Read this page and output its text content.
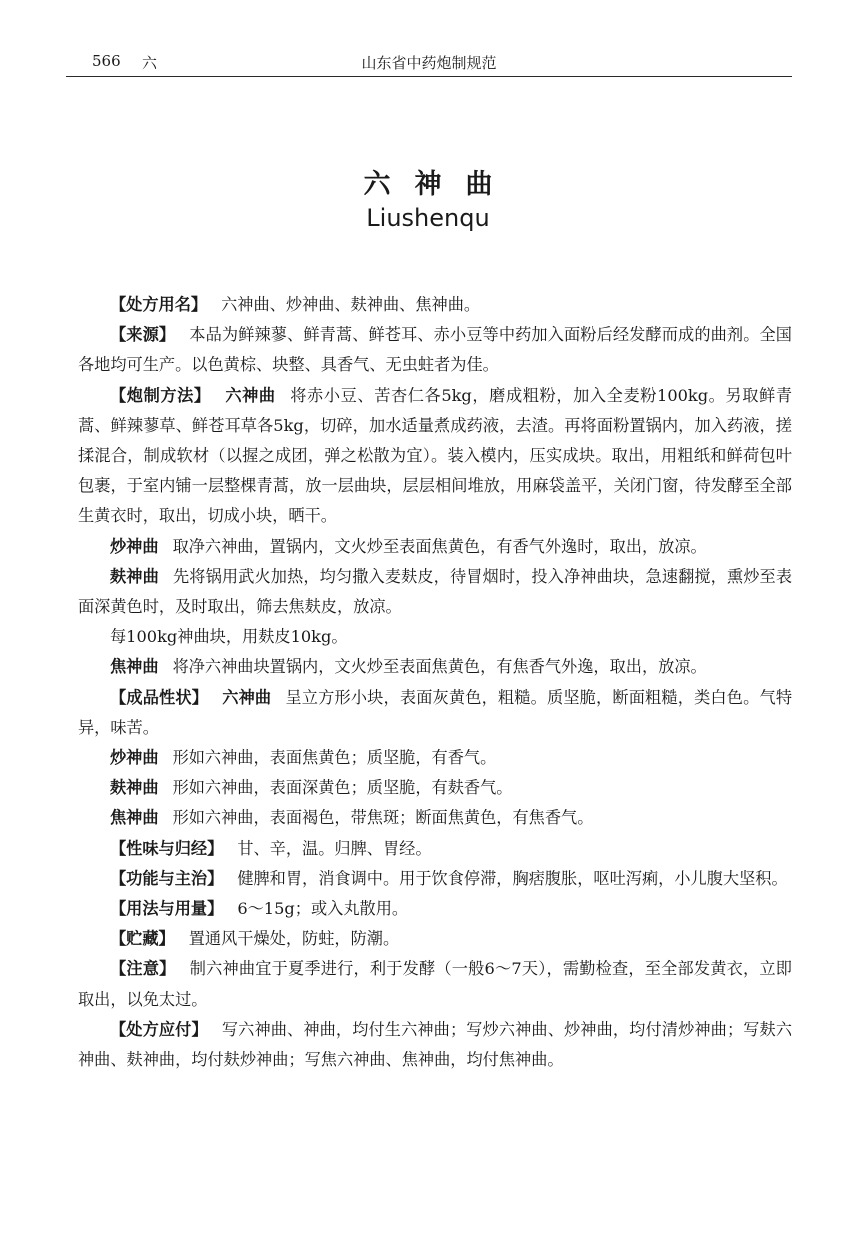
566 六	山东省中药炮制规范
六神曲
Liushenqu

【处方用名】 六神曲、炒神曲、麸神曲、焦神曲。

【来源】 本品为鲜辣蓼、鲜青蒿、鲜苍耳、赤小豆等中药加入面粉后经发酵而成的曲剂。全国各地均可生产。以色黄棕、块整、具香气、无虫蛀者为佳。

【炮制方法】 六神曲 将赤小豆、苦杏仁各5kg，磨成粗粉，加入全麦粉100kg。另取鲜青蒿、鲜辣蓼草、鲜苍耳草各5kg，切碎，加水适量煮成药液，去渣。再将面粉置锅内，加入药液，搓揉混合，制成软材（以握之成团，弹之松散为宜）。装入模内，压实成块。取出，用粗纸和鲜荷包叶包裹，于室内铺一层整棵青蒿，放一层曲块，层层相间堆放，用麻袋盖平，关闭门窗，待发酵至全部生黄衣时，取出，切成小块，晒干。

炒神曲 取净六神曲，置锅内，文火炒至表面焦黄色，有香气外逸时，取出，放凉。

麸神曲 先将锅用武火加热，均匀撒入麦麸皮，待冒烟时，投入净神曲块，急速翻搅，熏炒至表面深黄色时，及时取出，筛去焦麸皮，放凉。

每100kg神曲块，用麸皮10kg。

焦神曲 将净六神曲块置锅内，文火炒至表面焦黄色，有焦香气外逸，取出，放凉。

【成品性状】 六神曲 呈立方形小块，表面灰黄色，粗糙。质坚脆，断面粗糙，类白色。气特异，味苦。

炒神曲 形如六神曲，表面焦黄色；质坚脆，有香气。

麸神曲 形如六神曲，表面深黄色；质坚脆，有麸香气。

焦神曲 形如六神曲，表面褐色，带焦斑；断面焦黄色，有焦香气。

【性味与归经】 甘、辛，温。归脾、胃经。

【功能与主治】 健脾和胃，消食调中。用于饮食停滞，胸痞腹胀，呕吐泻痢，小儿腹大坚积。

【用法与用量】 6～15g；或入丸散用。

【贮藏】 置通风干燥处，防蛀，防潮。

【注意】 制六神曲宜于夏季进行，利于发酵（一般6～7天），需勤检查，至全部发黄衣，立即取出，以免太过。

【处方应付】 写六神曲、神曲，均付生六神曲；写炒六神曲、炒神曲，均付清炒神曲；写麸六神曲、麸神曲，均付麸炒神曲；写焦六神曲、焦神曲，均付焦神曲。
